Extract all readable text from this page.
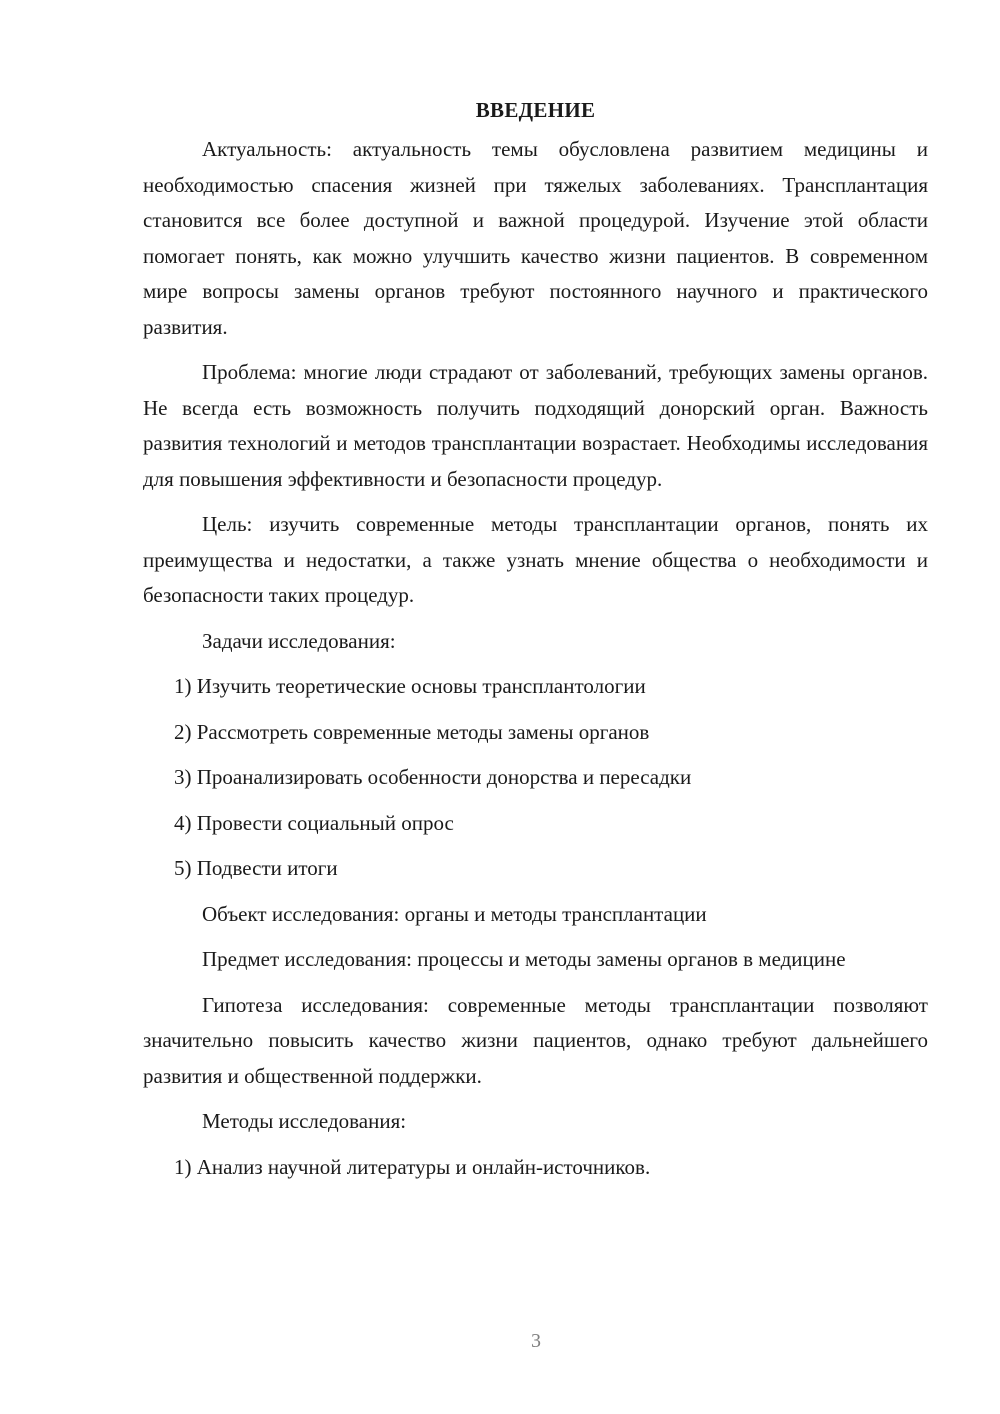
ВВЕДЕНИЕ

Актуальность: актуальность темы обусловлена развитием медицины и необходимостью спасения жизней при тяжелых заболеваниях. Трансплантация становится все более доступной и важной процедурой. Изучение этой области помогает понять, как можно улучшить качество жизни пациентов. В современном мире вопросы замены органов требуют постоянного научного и практического развития.

Проблема: многие люди страдают от заболеваний, требующих замены органов. Не всегда есть возможность получить подходящий донорский орган. Важность развития технологий и методов трансплантации возрастает. Необходимы исследования для повышения эффективности и безопасности процедур.

Цель: изучить современные методы трансплантации органов, понять их преимущества и недостатки, а также узнать мнение общества о необходимости и безопасности таких процедур.

Задачи исследования:

1) Изучить теоретические основы трансплантологии
2) Рассмотреть современные методы замены органов
3) Проанализировать особенности донорства и пересадки
4) Провести социальный опрос
5) Подвести итоги

Объект исследования: органы и методы трансплантации

Предмет исследования: процессы и методы замены органов в медицине

Гипотеза исследования: современные методы трансплантации позволяют значительно повысить качество жизни пациентов, однако требуют дальнейшего развития и общественной поддержки.

Методы исследования:

1) Анализ научной литературы и онлайн-источников.
3
